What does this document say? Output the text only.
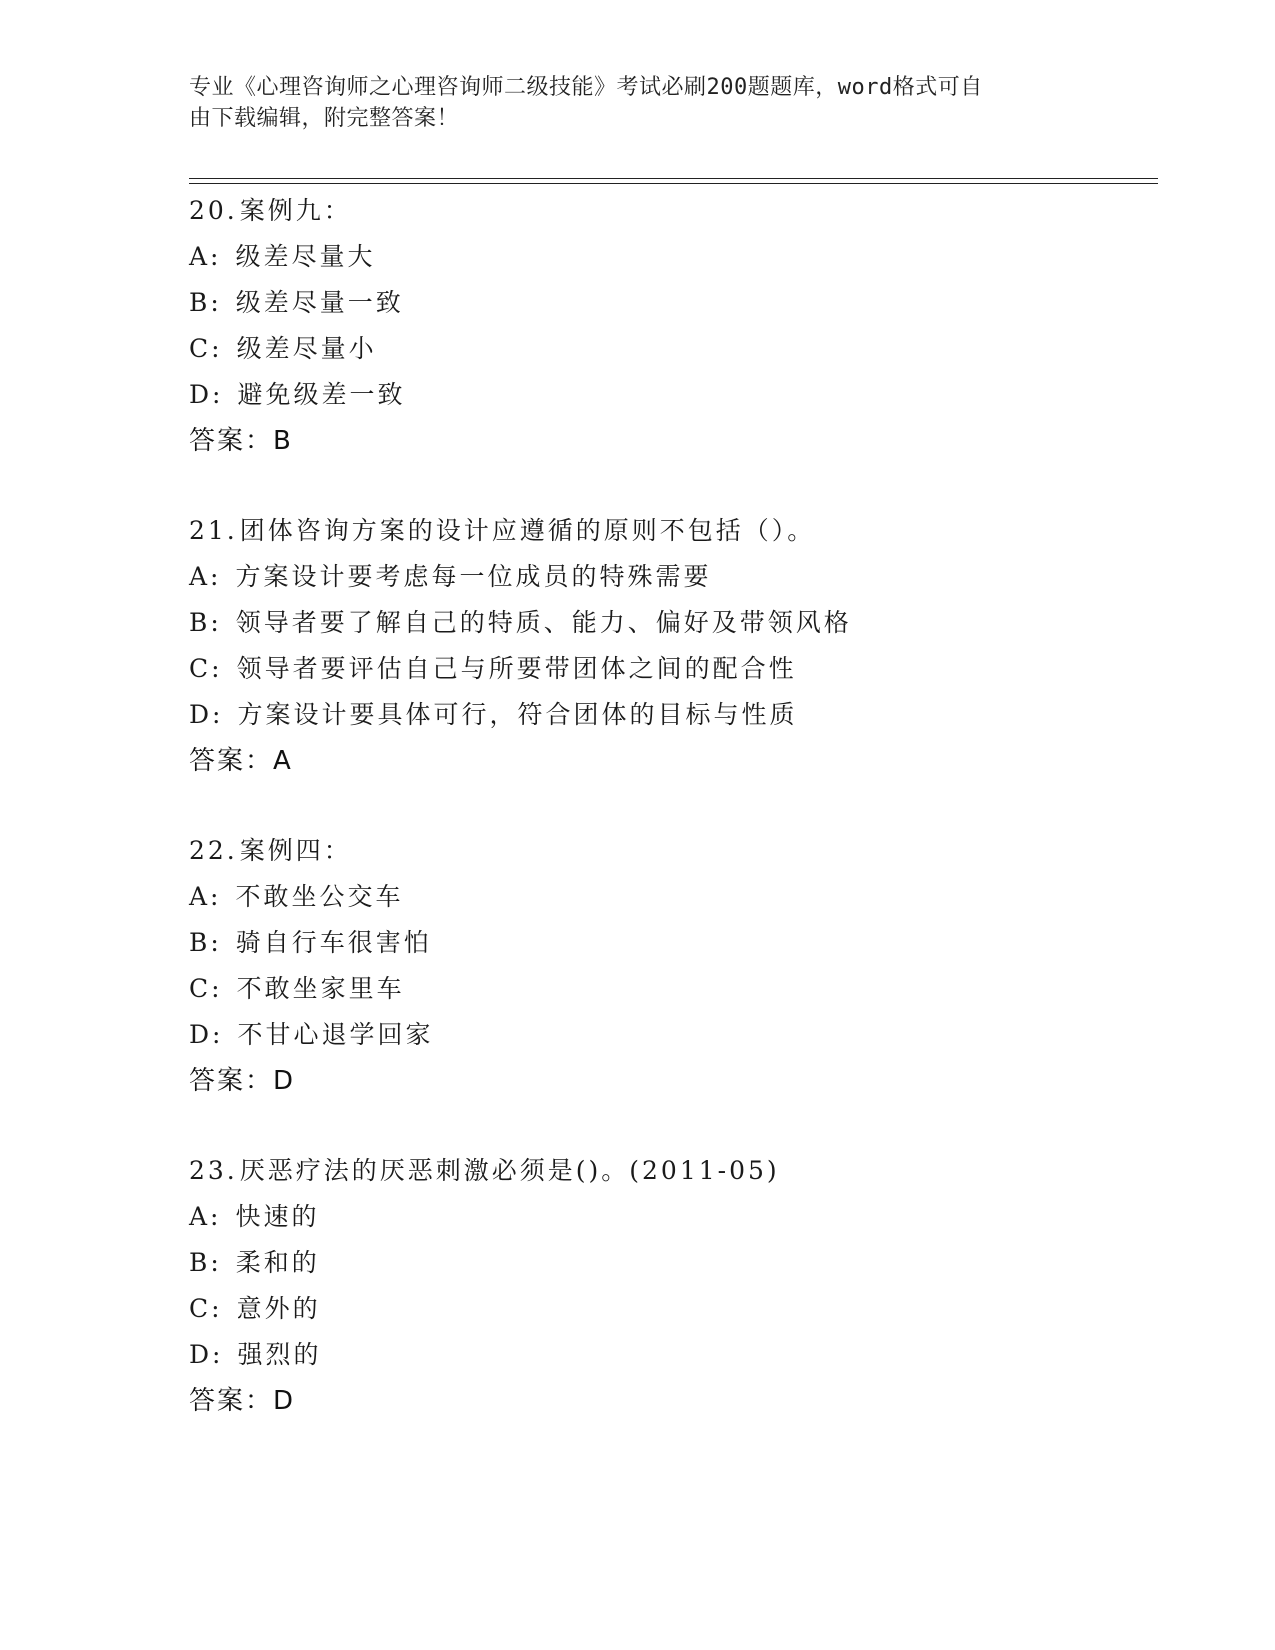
专业《心理咨询师之心理咨询师二级技能》考试必刷200题题库，word格式可自
由下载编辑，附完整答案！
20.案例九：
A: 级差尽量大
B: 级差尽量一致
C: 级差尽量小
D: 避免级差一致
答案：B
21.团体咨询方案的设计应遵循的原则不包括（）。
A: 方案设计要考虑每一位成员的特殊需要
B: 领导者要了解自己的特质、能力、偏好及带领风格
C: 领导者要评估自己与所要带团体之间的配合性
D: 方案设计要具体可行，符合团体的目标与性质
答案：A
22.案例四：
A: 不敢坐公交车
B: 骑自行车很害怕
C: 不敢坐家里车
D: 不甘心退学回家
答案：D
23.厌恶疗法的厌恶刺激必须是()。(2011-05)
A: 快速的
B: 柔和的
C: 意外的
D: 强烈的
答案：D
